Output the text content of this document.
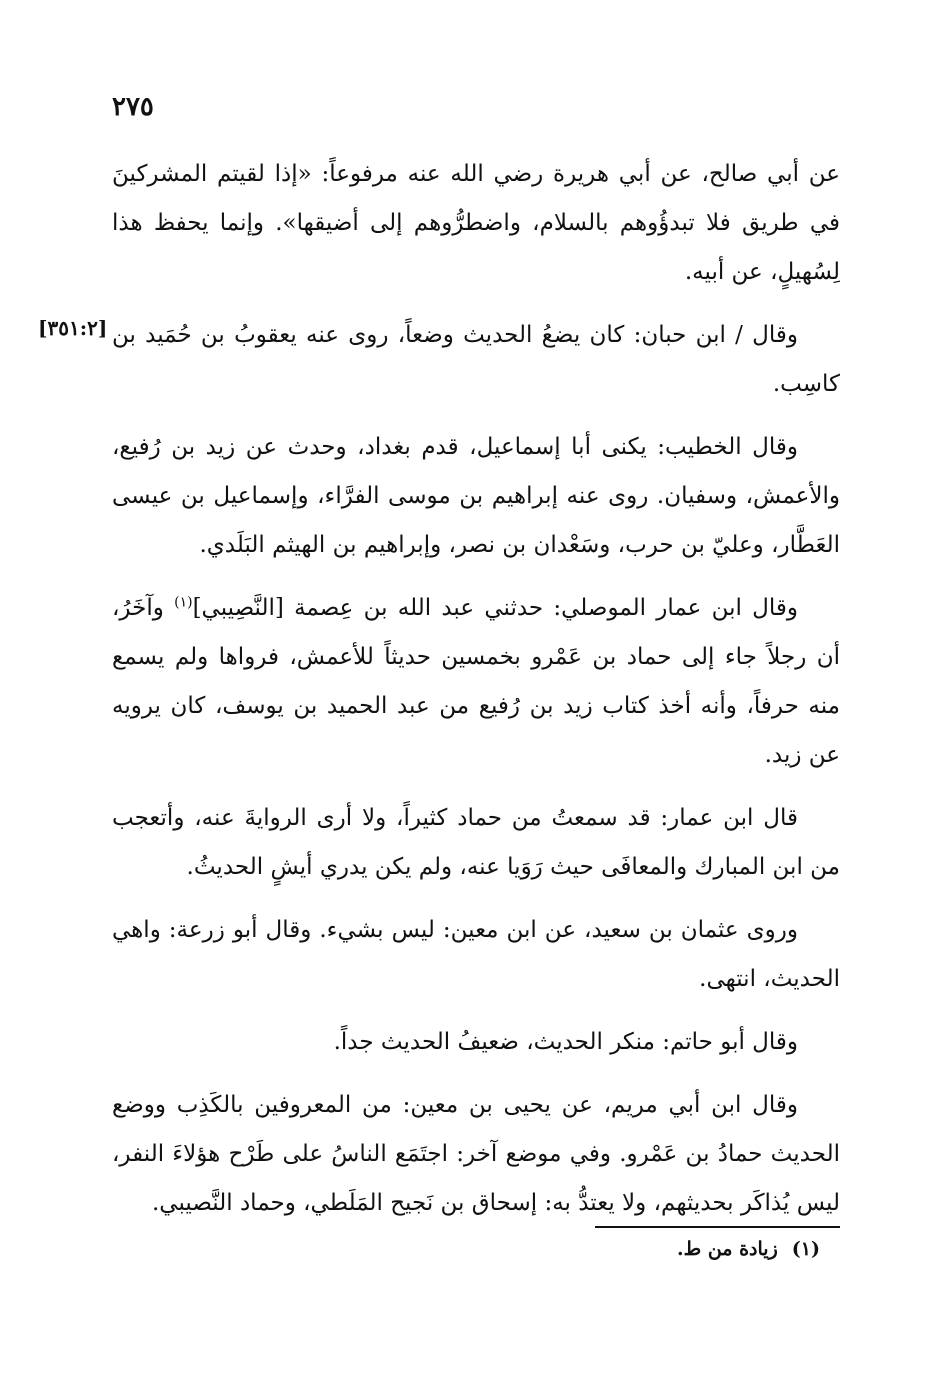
٢٧٥
[٣٥١:٢]

عن أبي صالح، عن أبي هريرة رضي الله عنه مرفوعاً: «إذا لقيتم المشركينَ في طريق فلا تبدؤُوهم بالسلام، واضطرُّوهم إلى أضيقها». وإنما يحفظ هذا لِسُهيلٍ، عن أبيه.

وقال / ابن حبان: كان يضعُ الحديث وضعاً، روى عنه يعقوبُ بن حُمَيد بن كاسِب.

وقال الخطيب: يكنى أبا إسماعيل، قدم بغداد، وحدث عن زيد بن رُفيع، والأعمش، وسفيان. روى عنه إبراهيم بن موسى الفرَّاء، وإسماعيل بن عيسى العَطَّار، وعليّ بن حرب، وسَعْدان بن نصر، وإبراهيم بن الهيثم البَلَدي.

وقال ابن عمار الموصلي: حدثني عبد الله بن عِصمة [النَّصِيبي]$^{(١)}$ وآخَرُ، أن رجلاً جاء إلى حماد بن عَمْرو بخمسين حديثاً للأعمش، فرواها ولم يسمع منه حرفاً، وأنه أخذ كتاب زيد بن رُفيع من عبد الحميد بن يوسف، كان يرويه عن زيد.

قال ابن عمار: قد سمعتُ من حماد كثيراً، ولا أرى الروايةَ عنه، وأتعجب من ابن المبارك والمعافَى حيث رَوَيا عنه، ولم يكن يدري أيشٍ الحديثُ.

وروى عثمان بن سعيد، عن ابن معين: ليس بشيء. وقال أبو زرعة: واهي الحديث، انتهى.

وقال أبو حاتم: منكر الحديث، ضعيفُ الحديث جداً.

وقال ابن أبي مريم، عن يحيى بن معين: من المعروفين بالكَذِب ووضع الحديث حمادُ بن عَمْرو. وفي موضع آخر: اجتَمَع الناسُ على طَرْح هؤلاءَ النفر، ليس يُذاكَر بحديثهم، ولا يعتدُّ به: إسحاق بن نَجيح المَلَطي، وحماد النَّصيبي.

(١)زيادة من ط.
